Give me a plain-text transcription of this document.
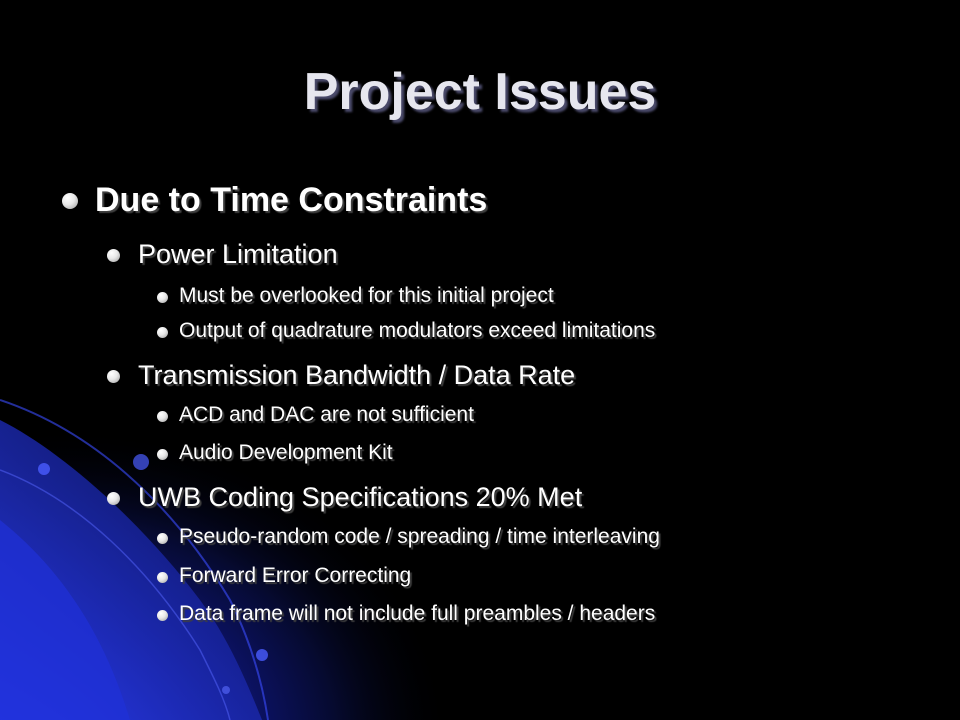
Project Issues
Due to Time Constraints
Power Limitation
Must be overlooked for this initial project
Output of quadrature modulators exceed limitations
Transmission Bandwidth / Data Rate
ACD and DAC are not sufficient
Audio Development Kit
UWB Coding Specifications 20% Met
Pseudo-random code / spreading / time interleaving
Forward Error Correcting
Data frame will not include full preambles / headers
